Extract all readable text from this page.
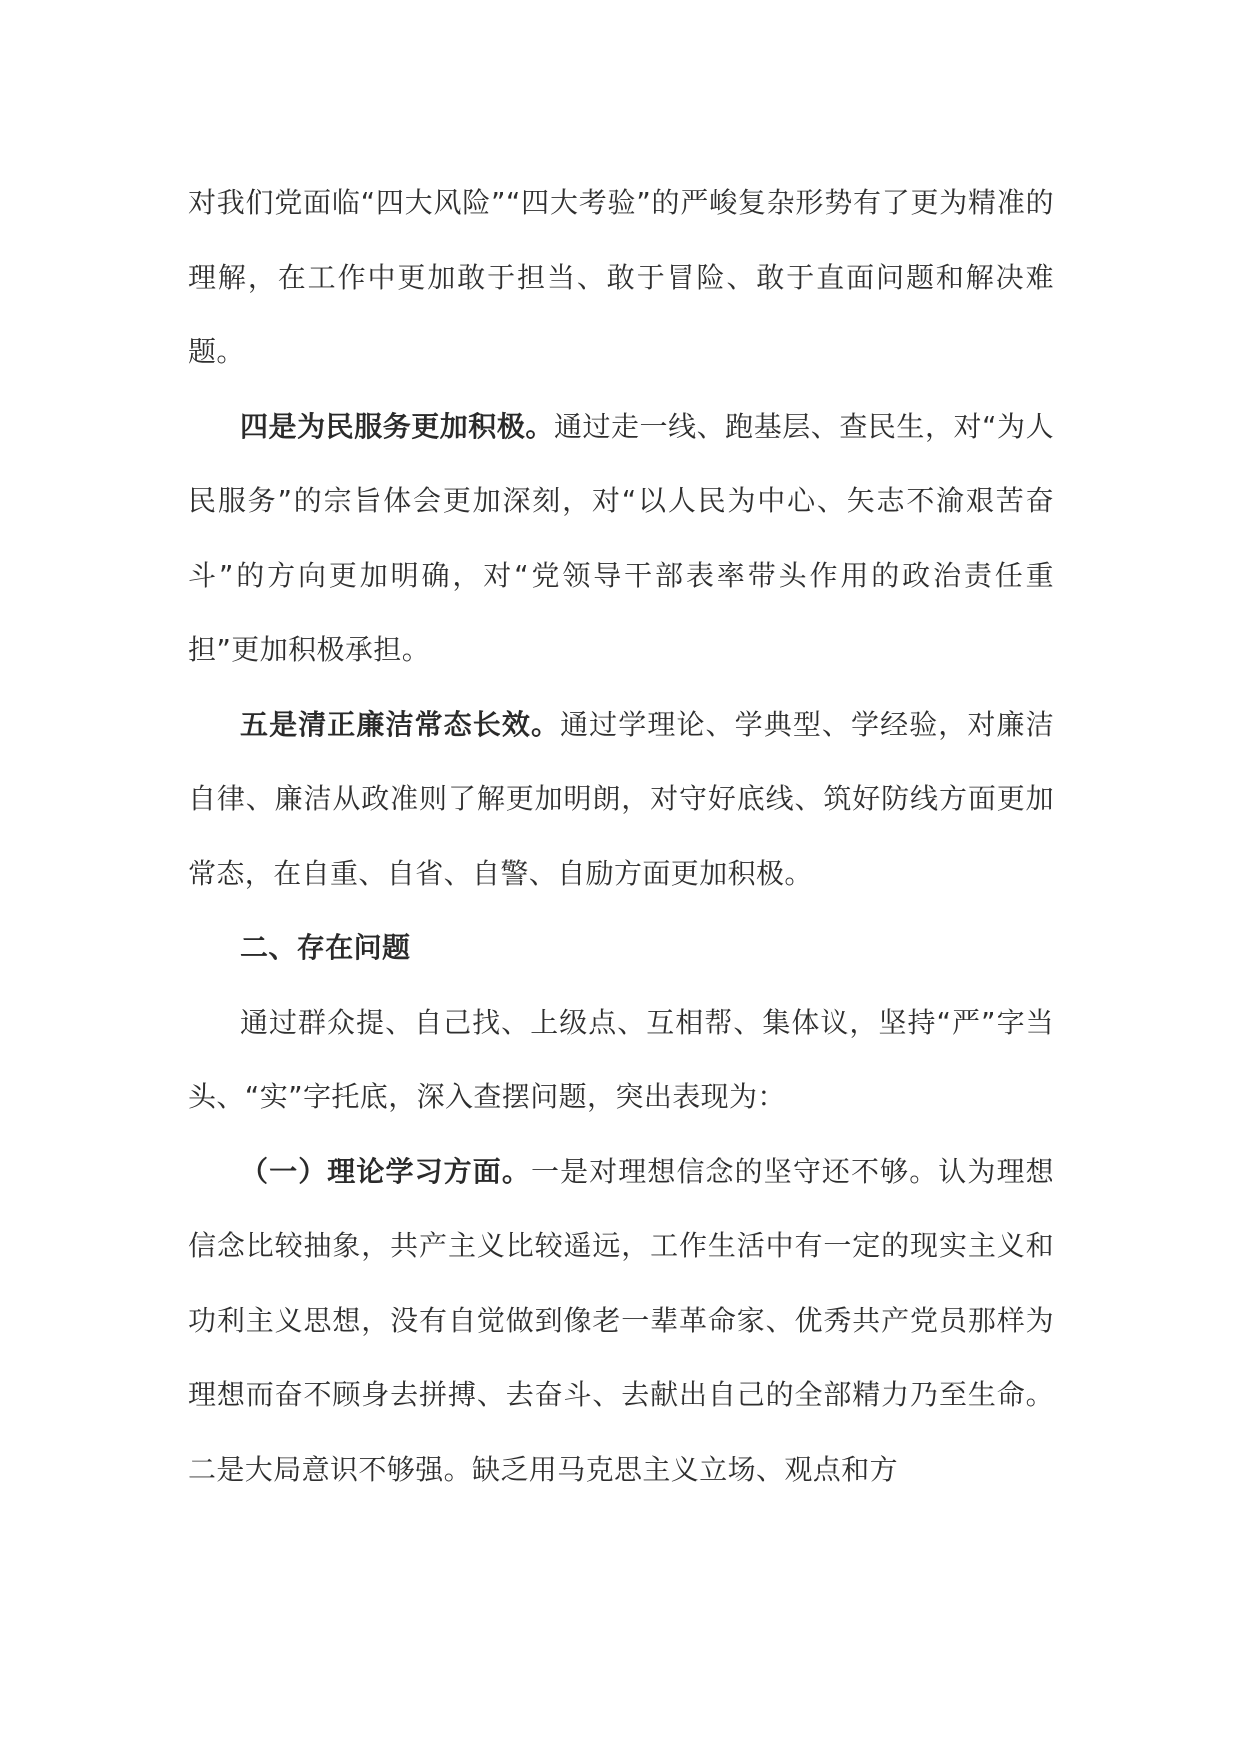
对我们党面临“四大风险”“四大考验”的严峻复杂形势有了更为精准的理解，在工作中更加敢于担当、敢于冒险、敢于直面问题和解决难题。

四是为民服务更加积极。通过走一线、跑基层、查民生，对“为人民服务”的宗旨体会更加深刻，对“以人民为中心、矢志不渝艰苦奋斗”的方向更加明确，对“党领导干部表率带头作用的政治责任重担”更加积极承担。

五是清正廉洁常态长效。通过学理论、学典型、学经验，对廉洁自律、廉洁从政准则了解更加明朗，对守好底线、筑好防线方面更加常态，在自重、自省、自警、自励方面更加积极。

二、存在问题

通过群众提、自己找、上级点、互相帮、集体议，坚持“严”字当头、“实”字托底，深入查摆问题，突出表现为：

（一）理论学习方面。一是对理想信念的坚守还不够。认为理想信念比较抽象，共产主义比较遥远，工作生活中有一定的现实主义和功利主义思想，没有自觉做到像老一辈革命家、优秀共产党员那样为理想而奋不顾身去拼搏、去奋斗、去献出自己的全部精力乃至生命。二是大局意识不够强。缺乏用马克思主义立场、观点和方
